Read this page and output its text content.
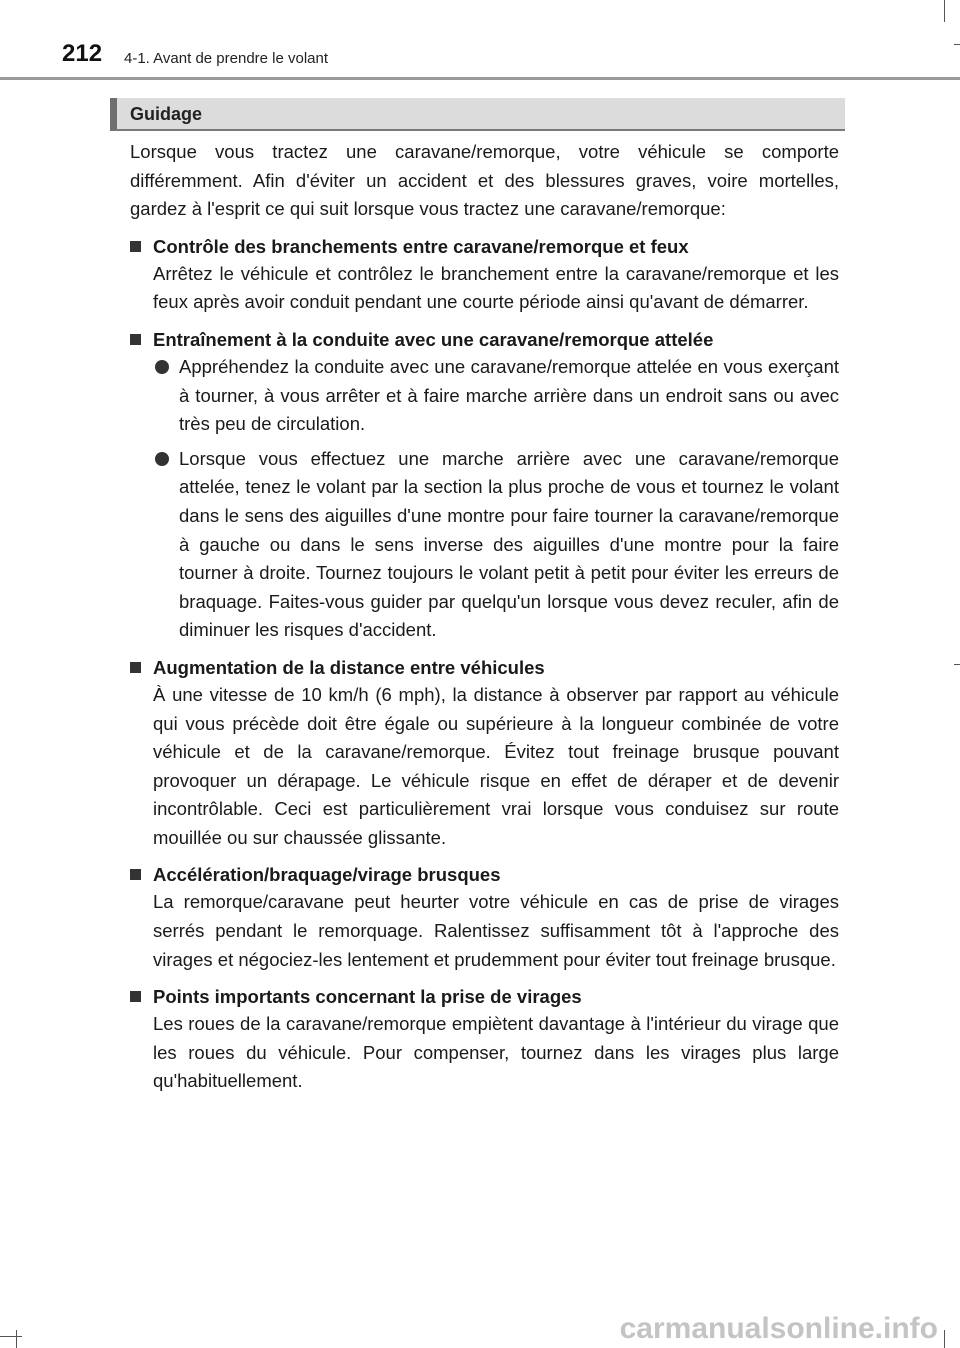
212 4-1. Avant de prendre le volant
Guidage

Lorsque vous tractez une caravane/remorque, votre véhicule se comporte différemment. Afin d'éviter un accident et des blessures graves, voire mortelles, gardez à l'esprit ce qui suit lorsque vous tractez une caravane/remorque:

Contrôle des branchements entre caravane/remorque et feux

Arrêtez le véhicule et contrôlez le branchement entre la caravane/remorque et les feux après avoir conduit pendant une courte période ainsi qu'avant de démarrer.

Entraînement à la conduite avec une caravane/remorque attelée

Appréhendez la conduite avec une caravane/remorque attelée en vous exerçant à tourner, à vous arrêter et à faire marche arrière dans un endroit sans ou avec très peu de circulation.

Lorsque vous effectuez une marche arrière avec une caravane/remorque attelée, tenez le volant par la section la plus proche de vous et tournez le volant dans le sens des aiguilles d'une montre pour faire tourner la caravane/remorque à gauche ou dans le sens inverse des aiguilles d'une montre pour la faire tourner à droite. Tournez toujours le volant petit à petit pour éviter les erreurs de braquage. Faites-vous guider par quelqu'un lorsque vous devez reculer, afin de diminuer les risques d'accident.

Augmentation de la distance entre véhicules

À une vitesse de 10 km/h (6 mph), la distance à observer par rapport au véhicule qui vous précède doit être égale ou supérieure à la longueur combinée de votre véhicule et de la caravane/remorque. Évitez tout freinage brusque pouvant provoquer un dérapage. Le véhicule risque en effet de déraper et de devenir incontrôlable. Ceci est particulièrement vrai lorsque vous conduisez sur route mouillée ou sur chaussée glissante.

Accélération/braquage/virage brusques

La remorque/caravane peut heurter votre véhicule en cas de prise de virages serrés pendant le remorquage. Ralentissez suffisamment tôt à l'approche des virages et négociez-les lentement et prudemment pour éviter tout freinage brusque.

Points importants concernant la prise de virages

Les roues de la caravane/remorque empiètent davantage à l'intérieur du virage que les roues du véhicule. Pour compenser, tournez dans les virages plus large qu'habituellement.

carmanualsonline.info
